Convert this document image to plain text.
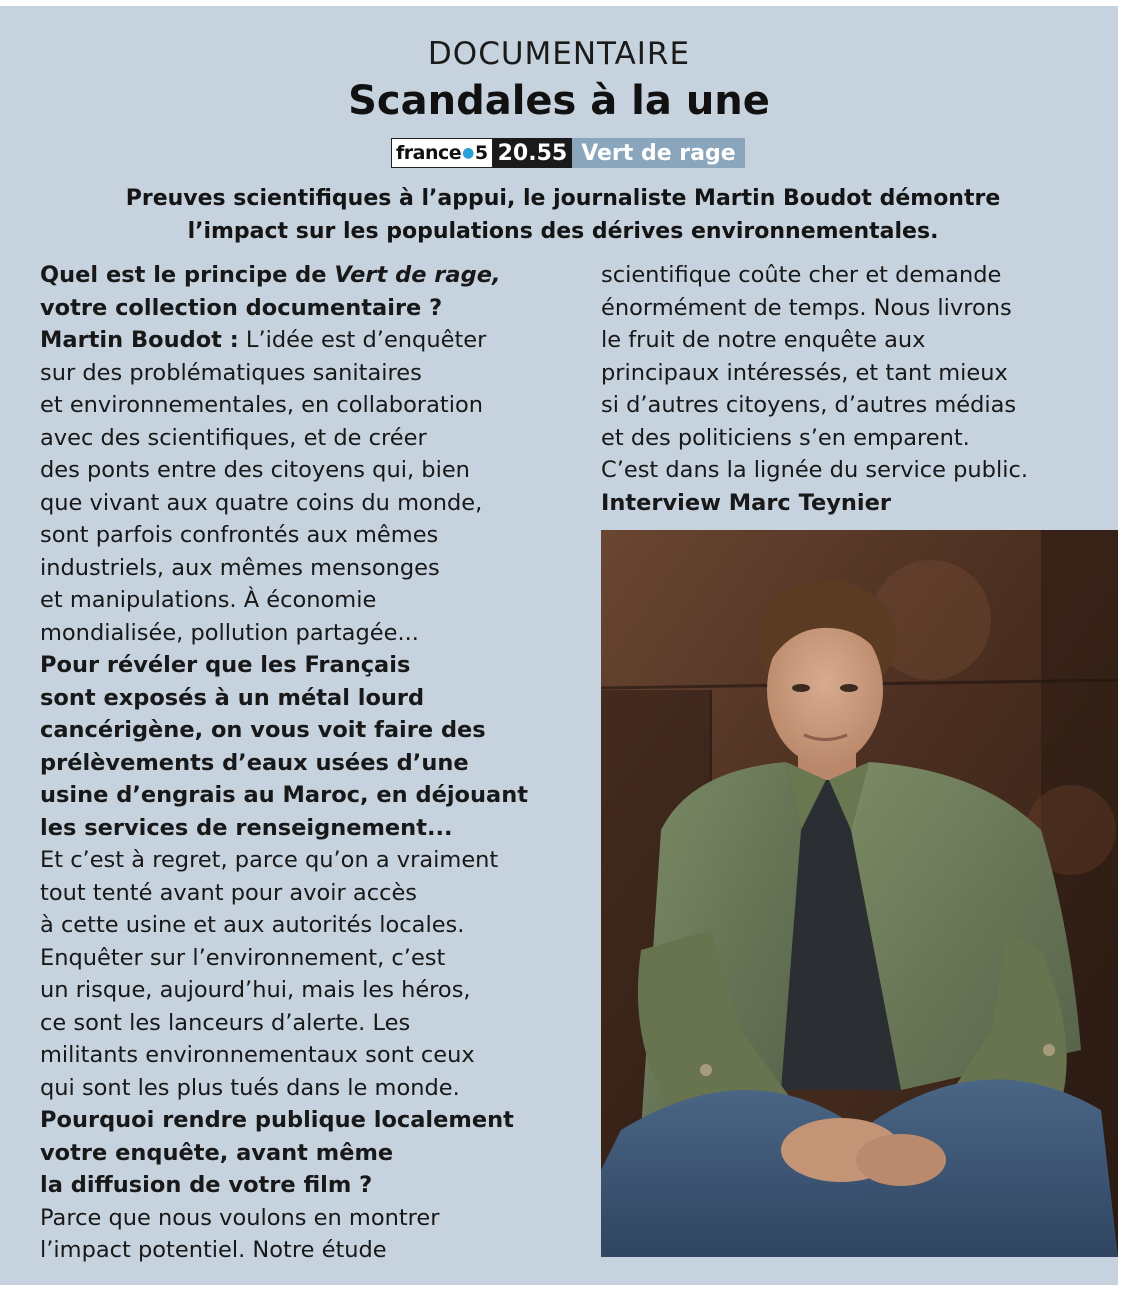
DOCUMENTAIRE
Scandales à la une
france ● 5 20.55 Vert de rage
Preuves scientifiques à l’appui, le journaliste Martin Boudot démontre
l’impact sur les populations des dérives environnementales.

Quel est le principe de Vert de rage,
votre collection documentaire ?

Martin Boudot : L’idée est d’enquêter
sur des problématiques sanitaires
et environnementales, en collaboration
avec des scientifiques, et de créer
des ponts entre des citoyens qui, bien
que vivant aux quatre coins du monde,
sont parfois confrontés aux mêmes
industriels, aux mêmes mensonges
et manipulations. À économie
mondialisée, pollution partagée...

Pour révéler que les Français
sont exposés à un métal lourd
cancérigène, on vous voit faire des
prélèvements d’eaux usées d’une
usine d’engrais au Maroc, en déjouant
les services de renseignement...

Et c’est à regret, parce qu’on a vraiment
tout tenté avant pour avoir accès
à cette usine et aux autorités locales.
Enquêter sur l’environnement, c’est
un risque, aujourd’hui, mais les héros,
ce sont les lanceurs d’alerte. Les
militants environnementaux sont ceux
qui sont les plus tués dans le monde.

Pourquoi rendre publique localement
votre enquête, avant même
la diffusion de votre film ?

Parce que nous voulons en montrer
l’impact potentiel. Notre étude

scientifique coûte cher et demande
énormément de temps. Nous livrons
le fruit de notre enquête aux
principaux intéressés, et tant mieux
si d’autres citoyens, d’autres médias
et des politiciens s’en emparent.
C’est dans la lignée du service public.

Interview Marc Teynier
